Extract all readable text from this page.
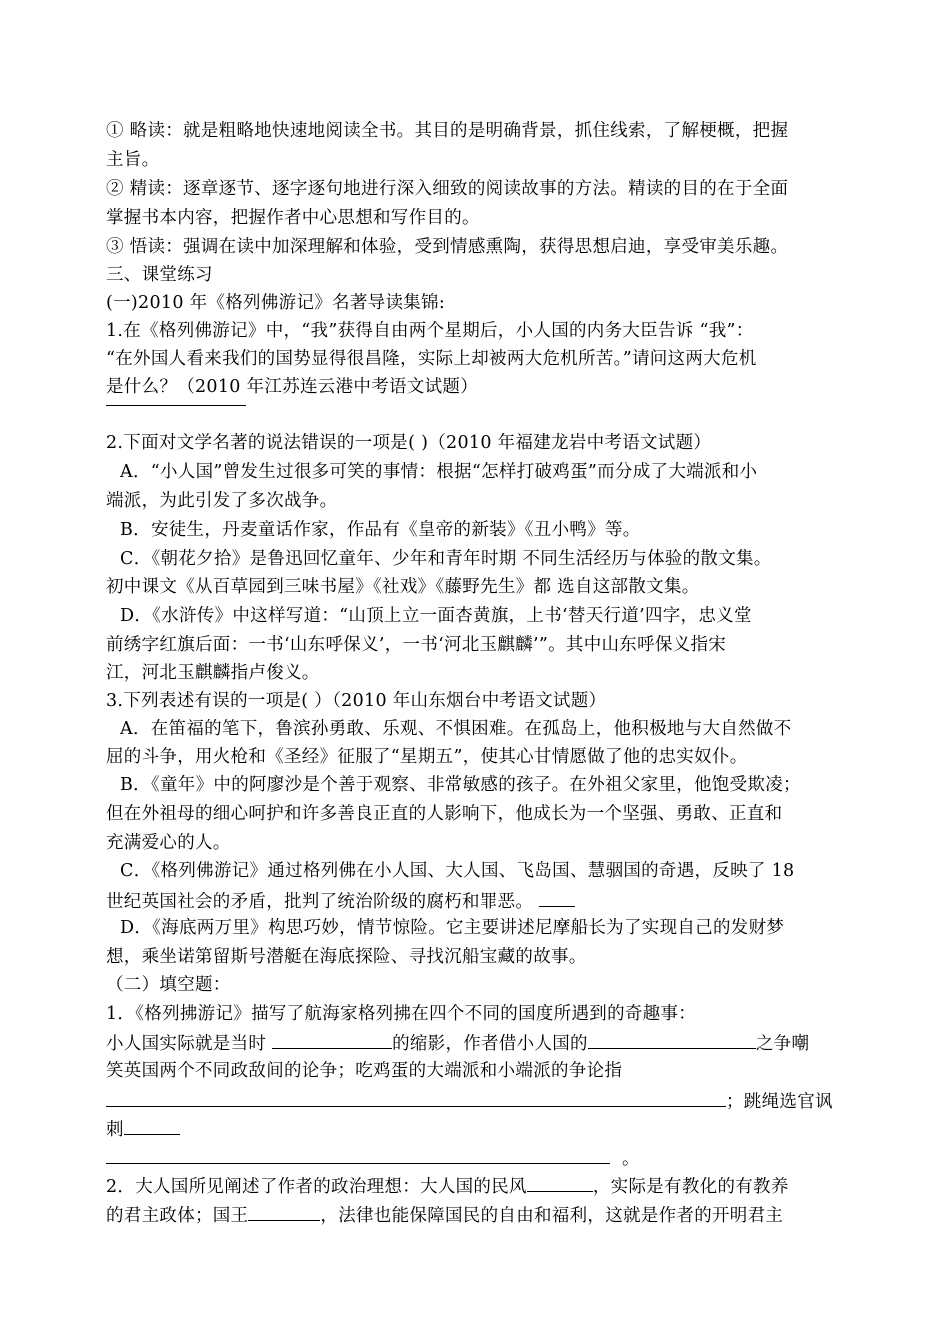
① 略读：就是粗略地快速地阅读全书。其目的是明确背景，抓住线索，了解梗概，把握
主旨。
② 精读：逐章逐节、逐字逐句地进行深入细致的阅读故事的方法。精读的目的在于全面
掌握书本内容，把握作者中心思想和写作目的。
③ 悟读：强调在读中加深理解和体验，受到情感熏陶，获得思想启迪，享受审美乐趣。
三、课堂练习
(一)2010 年《格列佛游记》名著导读集锦:
1.在《格列佛游记》中，“我”获得自由两个星期后，小人国的内务大臣告诉 “我”：
“在外国人看来我们的国势显得很昌隆，实际上却被两大危机所苦。”请问这两大危机
是什么？（2010 年江苏连云港中考语文试题）
2.下面对文学名著的说法错误的一项是( )（2010 年福建龙岩中考语文试题）
A．“小人国”曾发生过很多可笑的事情：根据“怎样打破鸡蛋”而分成了大端派和小
端派，为此引发了多次战争。
B．安徒生，丹麦童话作家，作品有《皇帝的新装》《丑小鸭》等。
C．《朝花夕拾》是鲁迅回忆童年、少年和青年时期 不同生活经历与体验的散文集。
初中课文《从百草园到三味书屋》《社戏》《藤野先生》都 选自这部散文集。
D．《水浒传》中这样写道：“山顶上立一面杏黄旗，上书‘替天行道’四字，忠义堂
前绣字红旗后面：一书‘山东呼保义’，一书‘河北玉麒麟’”。其中山东呼保义指宋
江，河北玉麒麟指卢俊义。
3.下列表述有误的一项是( ）（2010 年山东烟台中考语文试题）
A．在笛福的笔下，鲁滨孙勇敢、乐观、不惧困难。在孤岛上，他积极地与大自然做不
屈的斗争，用火枪和《圣经》征服了“星期五”，使其心甘情愿做了他的忠实奴仆。
B．《童年》中的阿廖沙是个善于观察、非常敏感的孩子。在外祖父家里，他饱受欺凌；
但在外祖母的细心呵护和许多善良正直的人影响下，他成长为一个坚强、勇敢、正直和
充满爱心的人。
C．《格列佛游记》通过格列佛在小人国、大人国、飞岛国、慧骃国的奇遇，反映了 18
世纪英国社会的矛盾，批判了统治阶级的腐朽和罪恶。
D．《海底两万里》构思巧妙，情节惊险。它主要讲述尼摩船长为了实现自己的发财梦
想，乘坐诺第留斯号潜艇在海底探险、寻找沉船宝藏的故事。
（二）填空题：
1．《格列拂游记》描写了航海家格列拂在四个不同的国度所遇到的奇趣事：
小人国实际就是当时	的缩影，作者借小人国的	之争嘲
笑英国两个不同政敌间的论争；吃鸡蛋的大端派和小端派的争论指
；跳绳选官讽
刺
。
2．大人国所见阐述了作者的政治理想：大人国的民风	，实际是有教化的有教养
的君主政体；国王	，法律也能保障国民的自由和福利，这就是作者的开明君主
